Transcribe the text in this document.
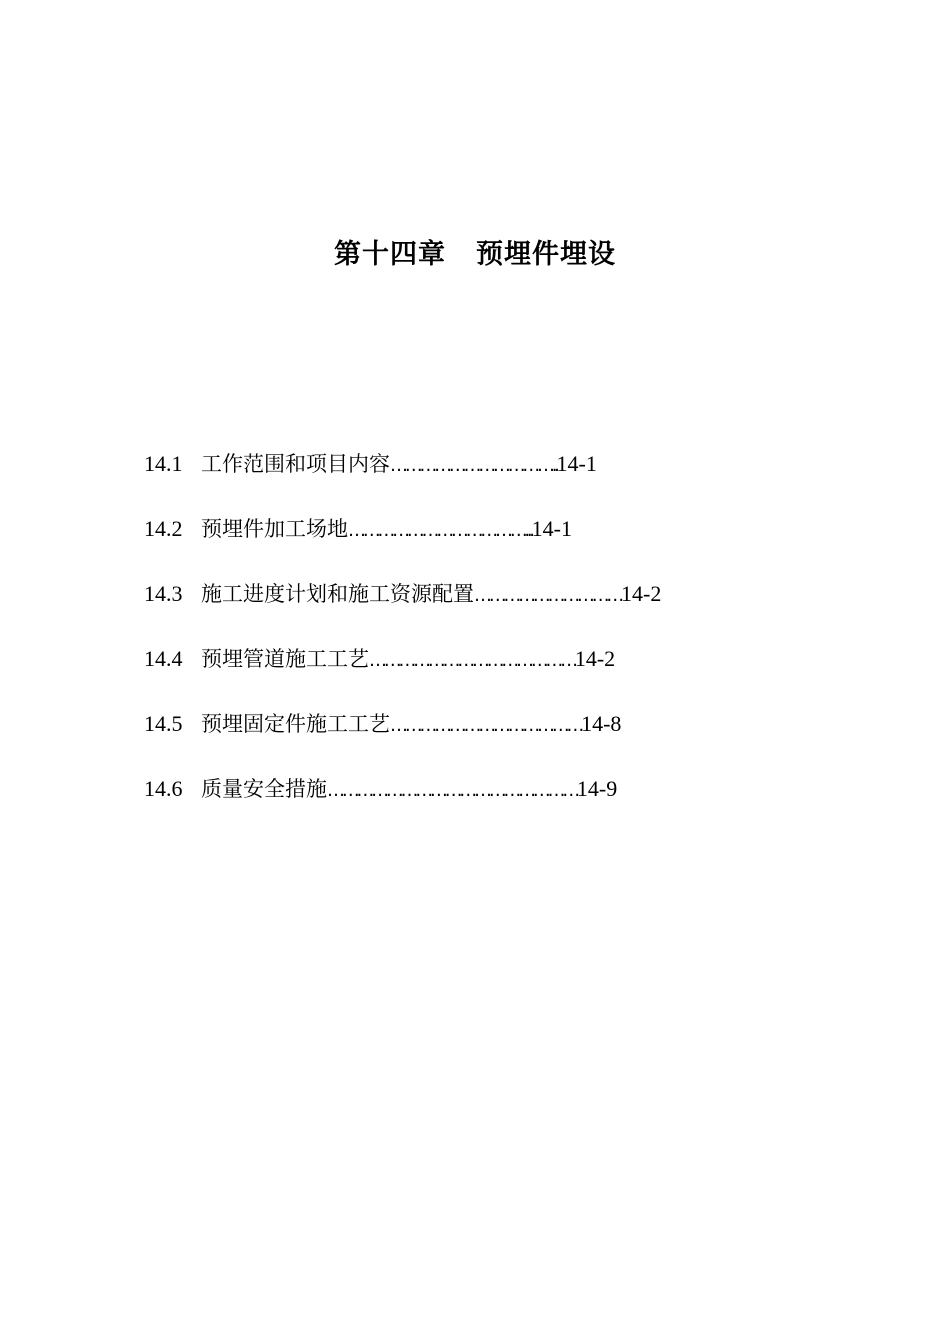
第十四章 预埋件埋设
14.1 工作范围和项目内容……………………………..14-1
14.2 预埋件加工场地………………………………...14-1
14.3 施工进度计划和施工资源配置…………………………14-2
14.4 预埋管道施工工艺……………………………………14-2
14.5 预埋固定件施工工艺…………………………………14-8
14.6 质量安全措施……………………………………………14-9
